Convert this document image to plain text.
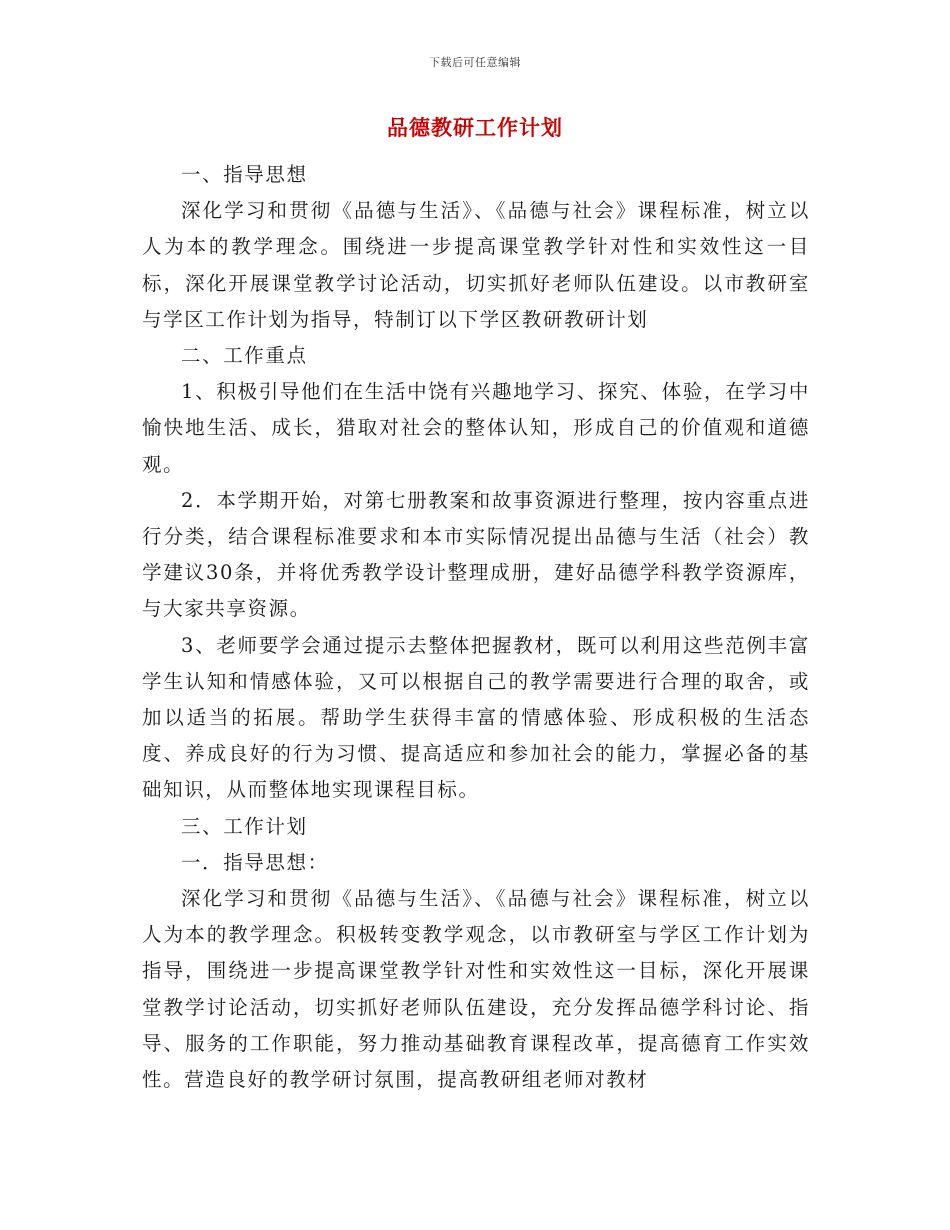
下载后可任意编辑
品德教研工作计划

一、指导思想

深化学习和贯彻《品德与生活》、《品德与社会》课程标准，树立以人为本的教学理念。围绕进一步提高课堂教学针对性和实效性这一目标，深化开展课堂教学讨论活动，切实抓好老师队伍建设。以市教研室与学区工作计划为指导，特制订以下学区教研教研计划

二、工作重点

1、积极引导他们在生活中饶有兴趣地学习、探究、体验，在学习中愉快地生活、成长，猎取对社会的整体认知，形成自己的价值观和道德观。

2．本学期开始，对第七册教案和故事资源进行整理，按内容重点进行分类，结合课程标准要求和本市实际情况提出品德与生活（社会）教学建议30条，并将优秀教学设计整理成册，建好品德学科教学资源库，与大家共享资源。

3、老师要学会通过提示去整体把握教材，既可以利用这些范例丰富学生认知和情感体验，又可以根据自己的教学需要进行合理的取舍，或加以适当的拓展。帮助学生获得丰富的情感体验、形成积极的生活态度、养成良好的行为习惯、提高适应和参加社会的能力，掌握必备的基础知识，从而整体地实现课程目标。

三、工作计划

一．指导思想：

深化学习和贯彻《品德与生活》、《品德与社会》课程标准，树立以人为本的教学理念。积极转变教学观念，以市教研室与学区工作计划为指导，围绕进一步提高课堂教学针对性和实效性这一目标，深化开展课堂教学讨论活动，切实抓好老师队伍建设，充分发挥品德学科讨论、指导、服务的工作职能，努力推动基础教育课程改革，提高德育工作实效性。营造良好的教学研讨氛围，提高教研组老师对教材
